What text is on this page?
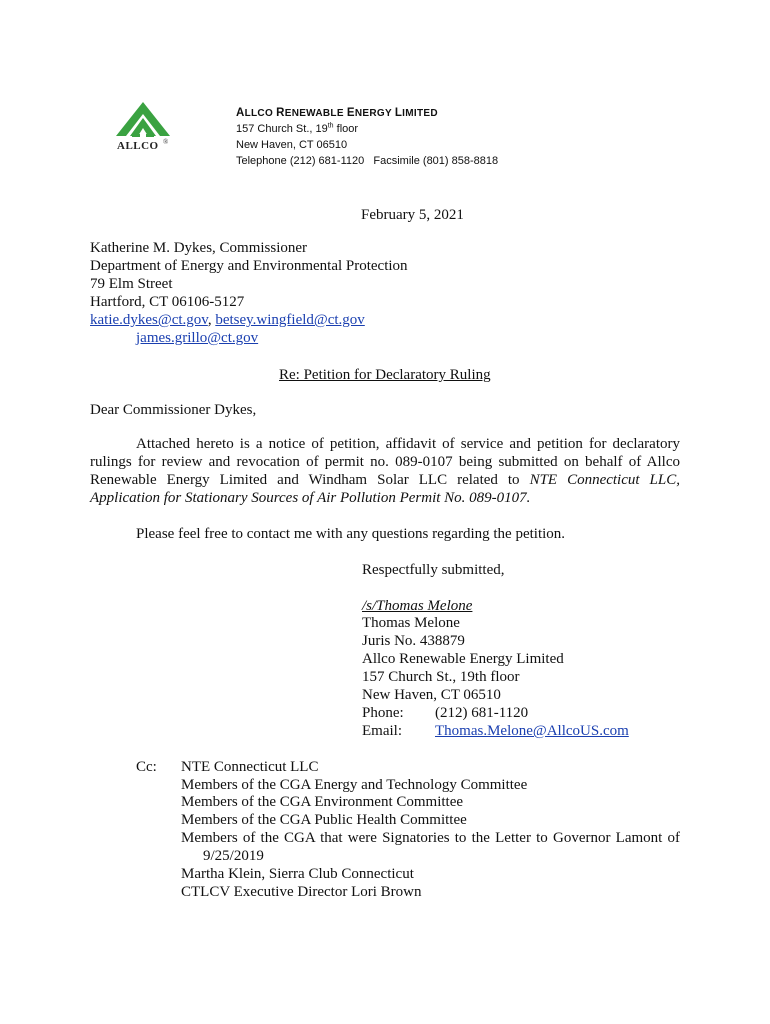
ALLCO ®
ALLCO RENEWABLE ENERGY LIMITED
157 Church St., 19th floor
New Haven, CT 06510
Telephone (212) 681-1120   Facsimile (801) 858-8818
February 5, 2021
Katherine M. Dykes, Commissioner
Department of Energy and Environmental Protection
79 Elm Street
Hartford, CT 06106-5127
katie.dykes@ct.gov, betsey.wingfield@ct.gov
james.grillo@ct.gov
Re: Petition for Declaratory Ruling
Dear Commissioner Dykes,
Attached hereto is a notice of petition, affidavit of service and petition for declaratory
rulings for review and revocation of permit no. 089-0107 being submitted on behalf of Allco
Renewable Energy Limited and Windham Solar LLC related to NTE Connecticut LLC,
Application for Stationary Sources of Air Pollution Permit No. 089-0107.
Please feel free to contact me with any questions regarding the petition.
Respectfully submitted,
/s/Thomas Melone
Thomas Melone
Juris No. 438879
Allco Renewable Energy Limited
157 Church St., 19th floor
New Haven, CT 06510
Phone: (212) 681-1120
Email: Thomas.Melone@AllcoUS.com
Cc: NTE Connecticut LLC
Members of the CGA Energy and Technology Committee
Members of the CGA Environment Committee
Members of the CGA Public Health Committee
Members of the CGA that were Signatories to the Letter to Governor Lamont of
9/25/2019
Martha Klein, Sierra Club Connecticut
CTLCV Executive Director Lori Brown
